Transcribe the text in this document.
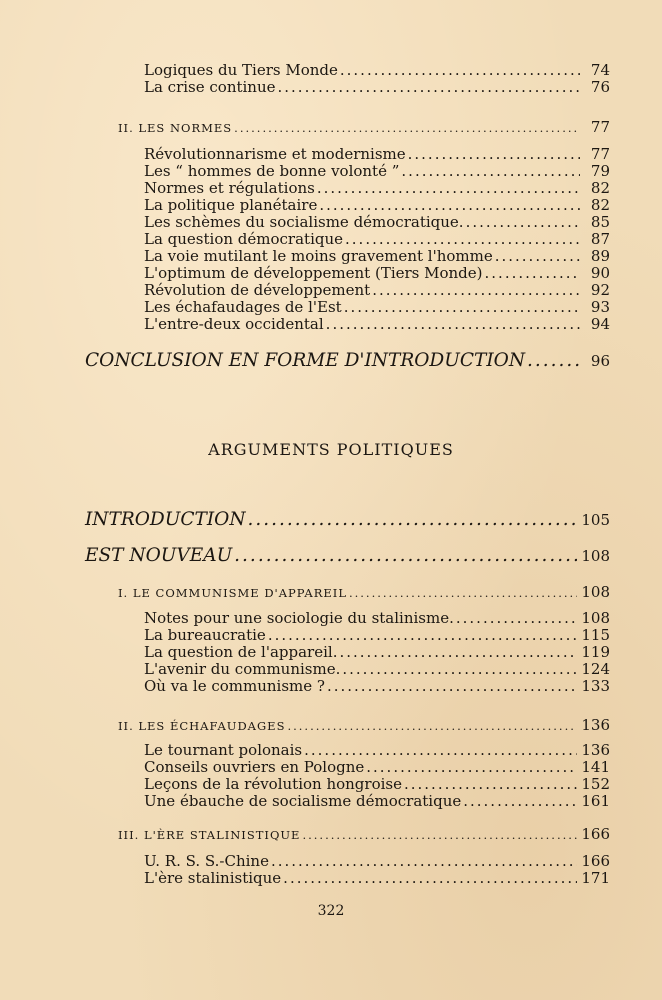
Logiques du Tiers Monde .....	74
La crise continue .....	76
II. LES NORMES .....	77
Révolutionnarisme et modernisme .....	77
Les “ hommes de bonne volonté ” .....	79
Normes et régulations .....	82
La politique planétaire .....	82
Les schèmes du socialisme démocratique. .....	85
La question démocratique .....	87
La voie mutilant le moins gravement l'homme .....	89
L'optimum de développement (Tiers Monde) .....	90
Révolution de développement .....	92
Les échafaudages de l'Est .....	93
L'entre-deux occidental .....	94
CONCLUSION EN FORME D'INTRODUCTION .....	96
ARGUMENTS POLITIQUES
INTRODUCTION .....	105
EST NOUVEAU .....	108
I. LE COMMUNISME D'APPAREIL .....	108
Notes pour une sociologie du stalinisme. .....	108
La bureaucratie .....	115
La question de l'appareil. .....	119
L'avenir du communisme. .....	124
Où va le communisme ? .....	133
II. LES ÉCHAFAUDAGES .....	136
Le tournant polonais .....	136
Conseils ouvriers en Pologne .....	141
Leçons de la révolution hongroise .....	152
Une ébauche de socialisme démocratique .....	161
III. L'ÈRE STALINISTIQUE .....	166
U. R. S. S.-Chine .....	166
L'ère stalinistique .....	171
322
